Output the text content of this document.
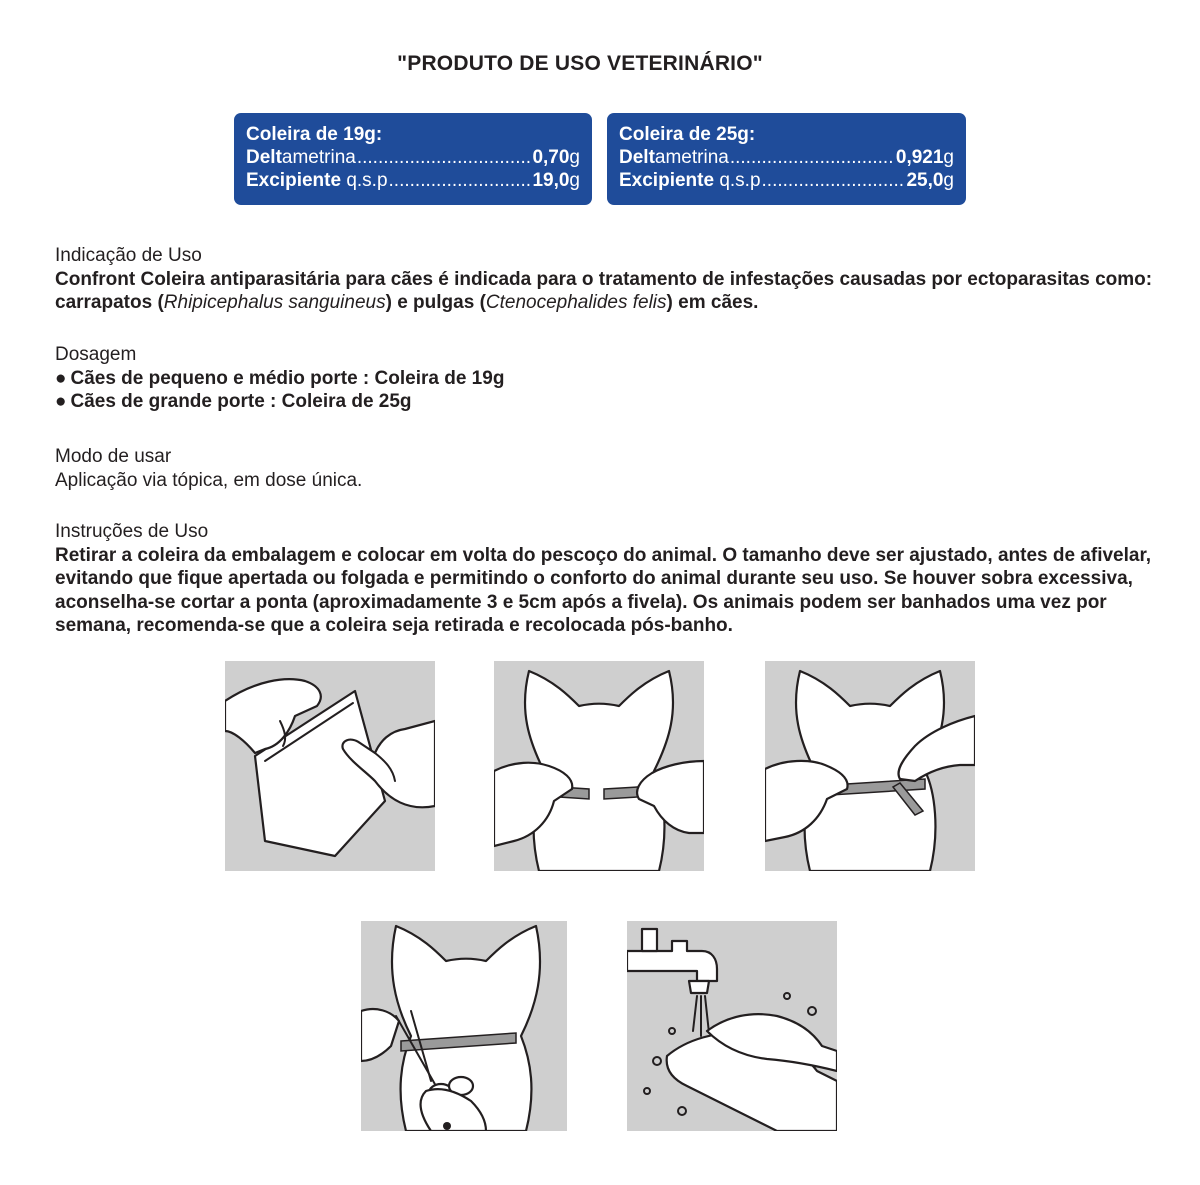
"PRODUTO DE USO VETERINÁRIO"
Coleira de 19g:
Deltametrina .....	0,70g
Excipiente q.s.p .....	19,0g
Coleira de 25g:
Deltametrina .....	0,921g
Excipiente q.s.p .....	25,0g
Indicação de Uso
Confront Coleira antiparasitária para cães é indicada para o tratamento de infestações causadas por ectoparasitas como: carrapatos (Rhipicephalus sanguineus) e pulgas (Ctenocephalides felis) em cães.
Dosagem
● Cães de pequeno e médio porte : Coleira de 19g
● Cães de grande porte : Coleira de 25g
Modo de usar
Aplicação via tópica, em dose única.
Instruções de Uso
Retirar a coleira da embalagem e colocar em volta do pescoço do animal. O tamanho deve ser ajustado, antes de afivelar, evitando que fique apertada ou folgada e permitindo o conforto do animal durante seu uso. Se houver sobra excessiva, aconselha-se cortar a ponta (aproximadamente 3 e 5cm após a fivela). Os animais podem ser banhados uma vez por semana, recomenda-se que a coleira seja retirada e recolocada pós-banho.
